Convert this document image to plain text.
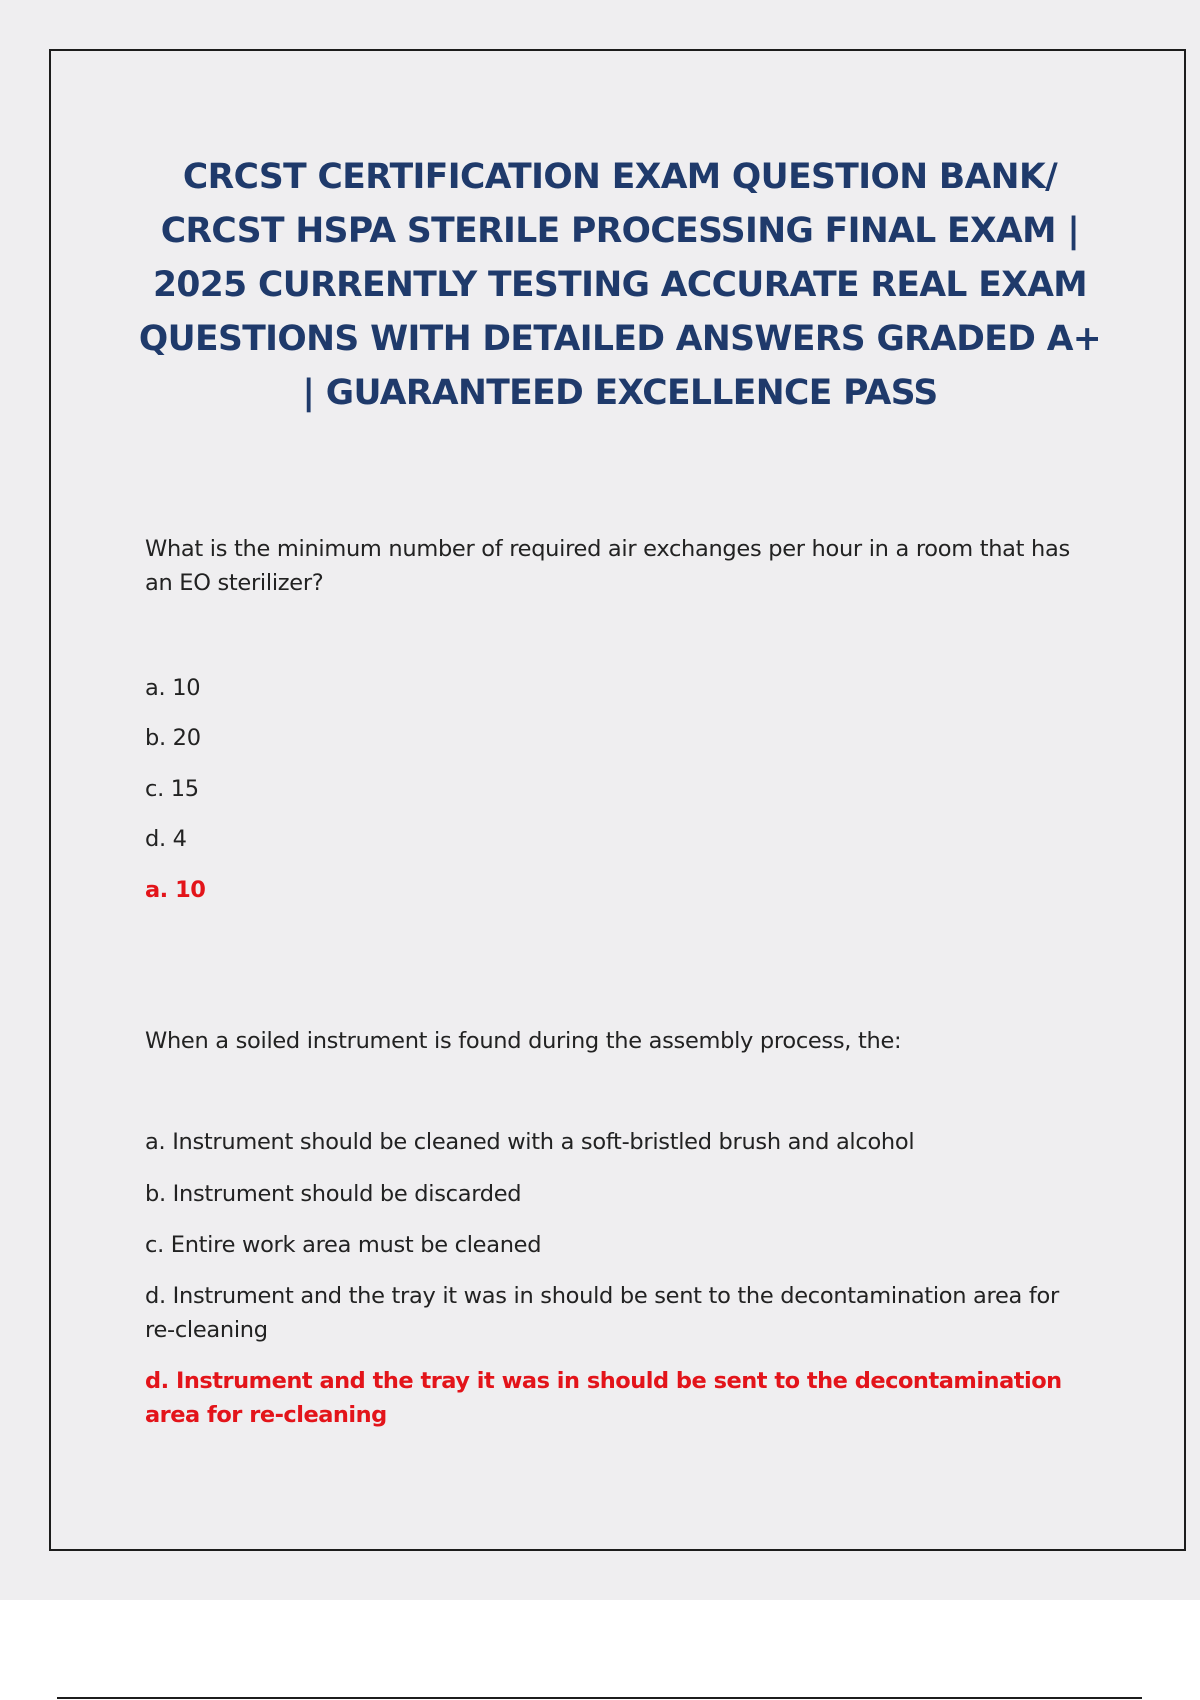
CRCST CERTIFICATION EXAM QUESTION BANK/ CRCST HSPA STERILE PROCESSING FINAL EXAM | 2025 CURRENTLY TESTING ACCURATE REAL EXAM QUESTIONS WITH DETAILED ANSWERS GRADED A+ | GUARANTEED EXCELLENCE PASS

What is the minimum number of required air exchanges per hour in a room that has an EO sterilizer?

a. 10

b. 20

c. 15

d. 4

a. 10

When a soiled instrument is found during the assembly process, the:

a. Instrument should be cleaned with a soft-bristled brush and alcohol

b. Instrument should be discarded

c. Entire work area must be cleaned

d. Instrument and the tray it was in should be sent to the decontamination area for re-cleaning

d. Instrument and the tray it was in should be sent to the decontamination area for re-cleaning
